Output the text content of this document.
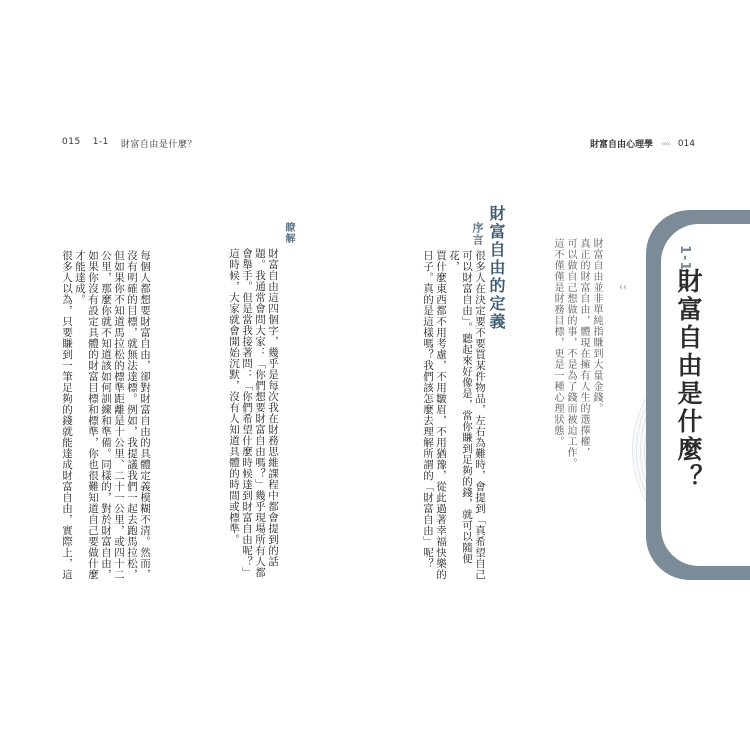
015 1-1 財富自由是什麼？	財富自由心理學 ‹‹‹‹ 014
1-1
財富自由是什麼？
‹‹
財富自由並非單純指賺到大量金錢。
真正的財富自由，體現在擁有人生的選擇權，
可以做自己想做的事，不是為了錢而被迫工作。
這不僅僅是財務目標，更是一種心理狀態。
財富自由的定義
序言
很多人在決定要不要買某件物品，左右為難時，會提到「真希望自己
可以財富自由」。聽起來好像是，當你賺到足夠的錢，就可以隨便花，
買什麼東西都不用考慮，不用皺眉，不用猶豫，從此過著幸福快樂的
日子。真的是這樣嗎？我們該怎麼去理解所謂的「財富自由」呢？
瞭解
財富自由這四個字，幾乎是每次我在財務思維課程中都會提到的話
題。我通常會問大家：「你們想要財富自由嗎？」幾乎現場所有人都
會舉手。但是當我接著問：「你們希望什麼時候達到財富自由呢？」
這時候，大家就會開始沉默，沒有人知道具體的時間或標準。
每個人都想要財富自由，卻對財富自由的具體定義模糊不清。然而，
沒有明確的目標，就無法達標。例如，我提議我們一起去跑馬拉松，
但如果你不知道馬拉松的標準距離是十公里、二十一公里，或四十二
公里，那麼你就不知道該如何訓練和準備。同樣的，對於財富自由，
如果你沒有設定具體的財富目標和標準，你也很難知道自己要做什麼
才能達成。
很多人以為，只要賺到一筆足夠的錢就能達成財富自由，實際上，這
